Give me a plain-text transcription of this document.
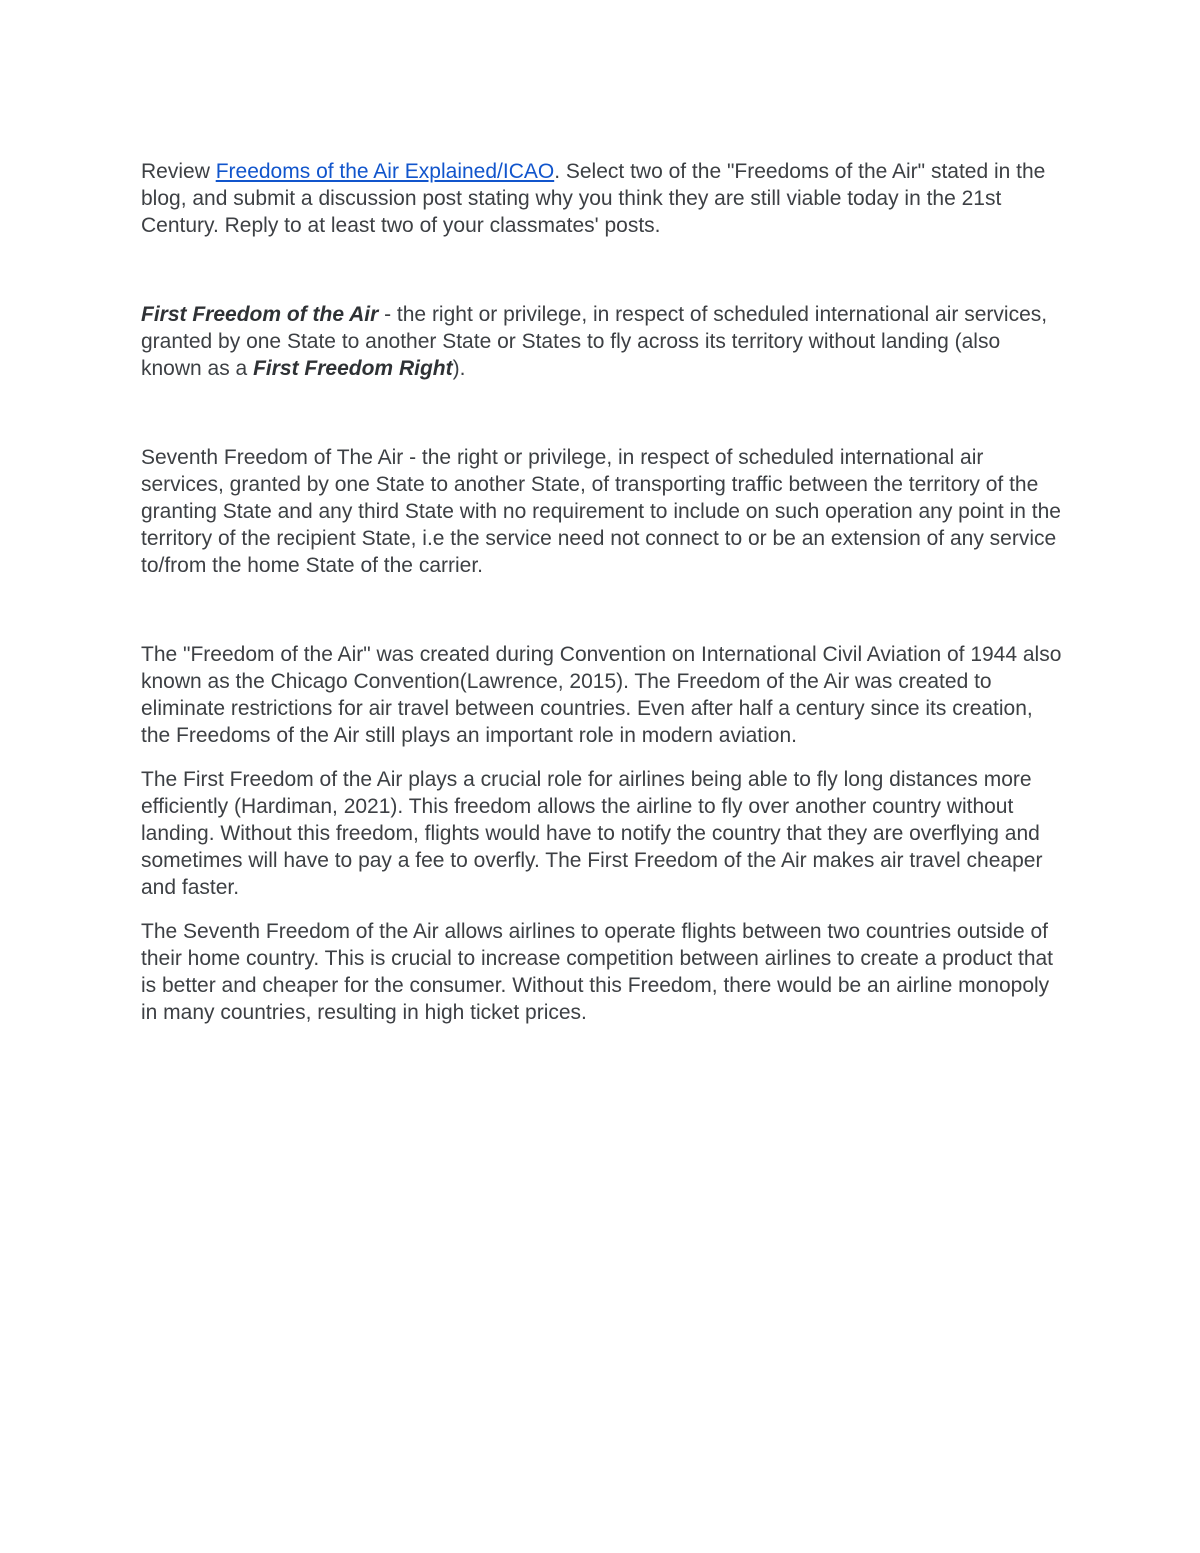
Review Freedoms of the Air Explained/ICAO. Select two of the "Freedoms of the Air" stated in the blog, and submit a discussion post stating why you think they are still viable today in the 21st Century. Reply to at least two of your classmates' posts.

First Freedom of the Air - the right or privilege, in respect of scheduled international air services, granted by one State to another State or States to fly across its territory without landing (also known as a First Freedom Right).

Seventh Freedom of The Air - the right or privilege, in respect of scheduled international air services, granted by one State to another State, of transporting traffic between the territory of the granting State and any third State with no requirement to include on such operation any point in the territory of the recipient State, i.e the service need not connect to or be an extension of any service to/from the home State of the carrier.

The "Freedom of the Air" was created during Convention on International Civil Aviation of 1944 also known as the Chicago Convention(Lawrence, 2015). The Freedom of the Air was created to eliminate restrictions for air travel between countries. Even after half a century since its creation, the Freedoms of the Air still plays an important role in modern aviation.

The First Freedom of the Air plays a crucial role for airlines being able to fly long distances more efficiently (Hardiman, 2021). This freedom allows the airline to fly over another country without landing. Without this freedom, flights would have to notify the country that they are overflying and sometimes will have to pay a fee to overfly. The First Freedom of the Air makes air travel cheaper and faster.

The Seventh Freedom of the Air allows airlines to operate flights between two countries outside of their home country. This is crucial to increase competition between airlines to create a product that is better and cheaper for the consumer. Without this Freedom, there would be an airline monopoly in many countries, resulting in high ticket prices.
